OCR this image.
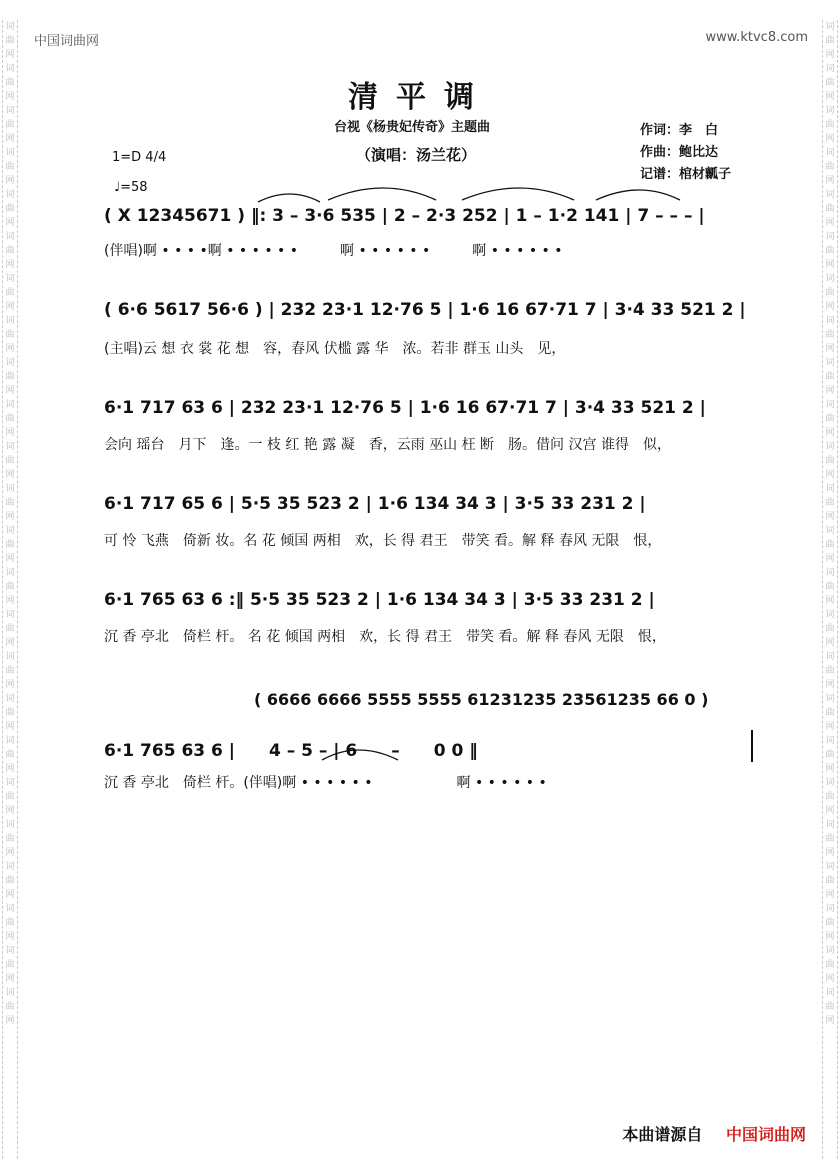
词曲网
词曲网
词曲网
词曲网
词曲网
词曲网
词曲网
词曲网
词曲网
词曲网
词曲网
词曲网
词曲网
词曲网
词曲网
词曲网
词曲网
词曲网
词曲网
词曲网
词曲网
词曲网
词曲网
词曲网
词曲网
词曲网
词曲网
词曲网
词曲网
词曲网
词曲网
词曲网
词曲网
词曲网
词曲网
词曲网
词曲网
词曲网
词曲网
词曲网
词曲网
词曲网
词曲网
词曲网
词曲网
词曲网
词曲网
词曲网
中国词曲网	www.ktvc8.com
清平调
台视《杨贵妃传奇》主题曲
（演唱：汤兰花）
作词：李　白
作曲：鲍比达
记谱：棺材瓤子
1=D 4/4
♩=58
( X 12345671 ) ‖: 3 – 3·6 535 | 2 – 2·3 252 | 1 – 1·2 141 | 7 – – – |
(伴唱)啊 • • • •啊 • • • • • •　　　啊 • • • • • •　　　啊 • • • • • •
( 6·6 5617 56·6 ) | 232 23·1 12·76 5 | 1·6 16 67·71 7 | 3·4 33 521 2 |
(主唱)云 想 衣 裳 花 想　容，春风 伏槛 露 华　浓。若非 群玉 山头　见，
6·1 717 63 6 | 232 23·1 12·76 5 | 1·6 16 67·71 7 | 3·4 33 521 2 |
会向 瑶台　月下　逢。一 枝 红 艳 露 凝　香，云雨 巫山 枉 断　肠。借问 汉宫 谁得　似，
6·1 717 65 6 | 5·5 35 523 2 | 1·6 134 34 3 | 3·5 33 231 2 |
可 怜 飞燕　倚新 妆。名 花 倾国 两相　欢，长 得 君王　带笑 看。解 释 春风 无限　恨，
6·1 765 63 6 :‖ 5·5 35 523 2 | 1·6 134 34 3 | 3·5 33 231 2 |
沉 香 亭北　倚栏 杆。 名 花 倾国 两相　欢，长 得 君王　带笑 看。解 释 春风 无限　恨，
( 6666 6666 5555 5555 61231235 23561235 66 0 )
6·1 765 63 6 |　　4 – 5 – | 6　　–　　0 0 ‖
沉 香 亭北　倚栏 杆。(伴唱)啊 • • • • • •　　　　　　啊 • • • • • •
本曲谱源自 中国词曲网
